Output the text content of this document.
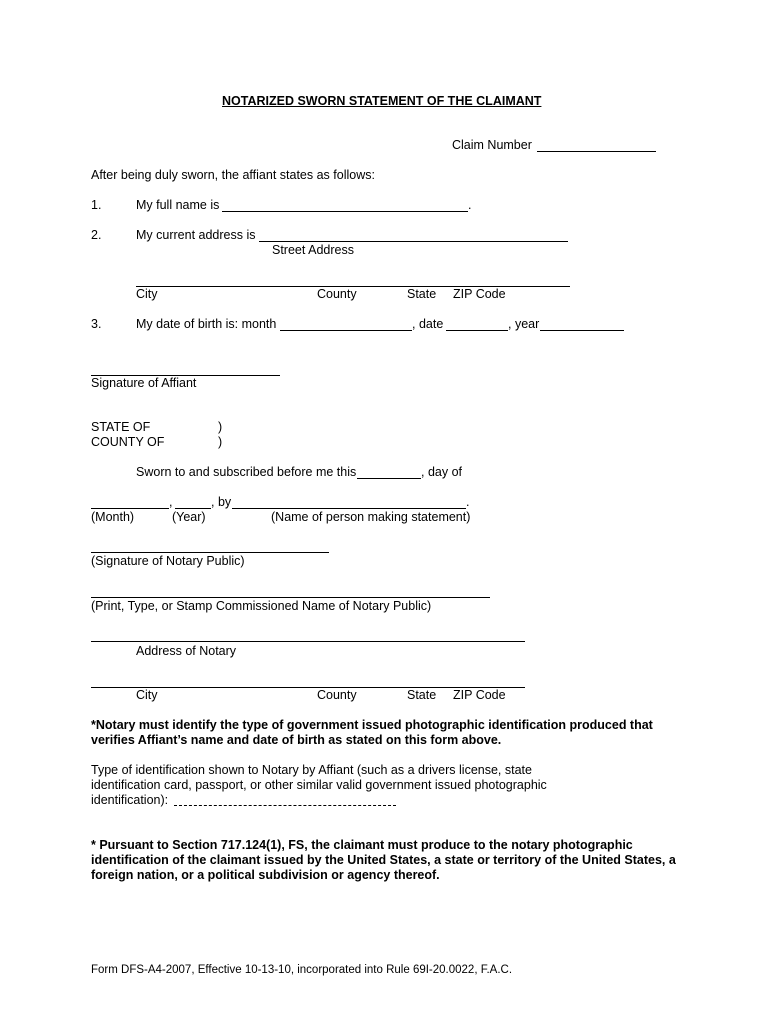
NOTARIZED SWORN STATEMENT OF THE CLAIMANT
Claim Number
After being duly sworn, the affiant states as follows:
1.	My full name is	.
2.	My current address is
Street Address
City	County	State ZIP Code
3.	My date of birth is: month	, date	, year
Signature of Affiant
STATE OF	)
COUNTY OF	)
Sworn to and subscribed before me this	, day of
,	, by	.
(Month)	(Year)	(Name of person making statement)
(Signature of Notary Public)
(Print, Type, or Stamp Commissioned Name of Notary Public)
Address of Notary
City	County	State ZIP Code
*Notary must identify the type of government issued photographic identification produced that verifies Affiant’s name and date of birth as stated on this form above.
Type of identification shown to Notary by Affiant (such as a drivers license, state identification card, passport, or other similar valid government issued photographic identification):
* Pursuant to Section 717.124(1), FS, the claimant must produce to the notary photographic identification of the claimant issued by the United States, a state or territory of the United States, a foreign nation, or a political subdivision or agency thereof.
Form DFS-A4-2007, Effective 10-13-10, incorporated into Rule 69I-20.0022, F.A.C.
